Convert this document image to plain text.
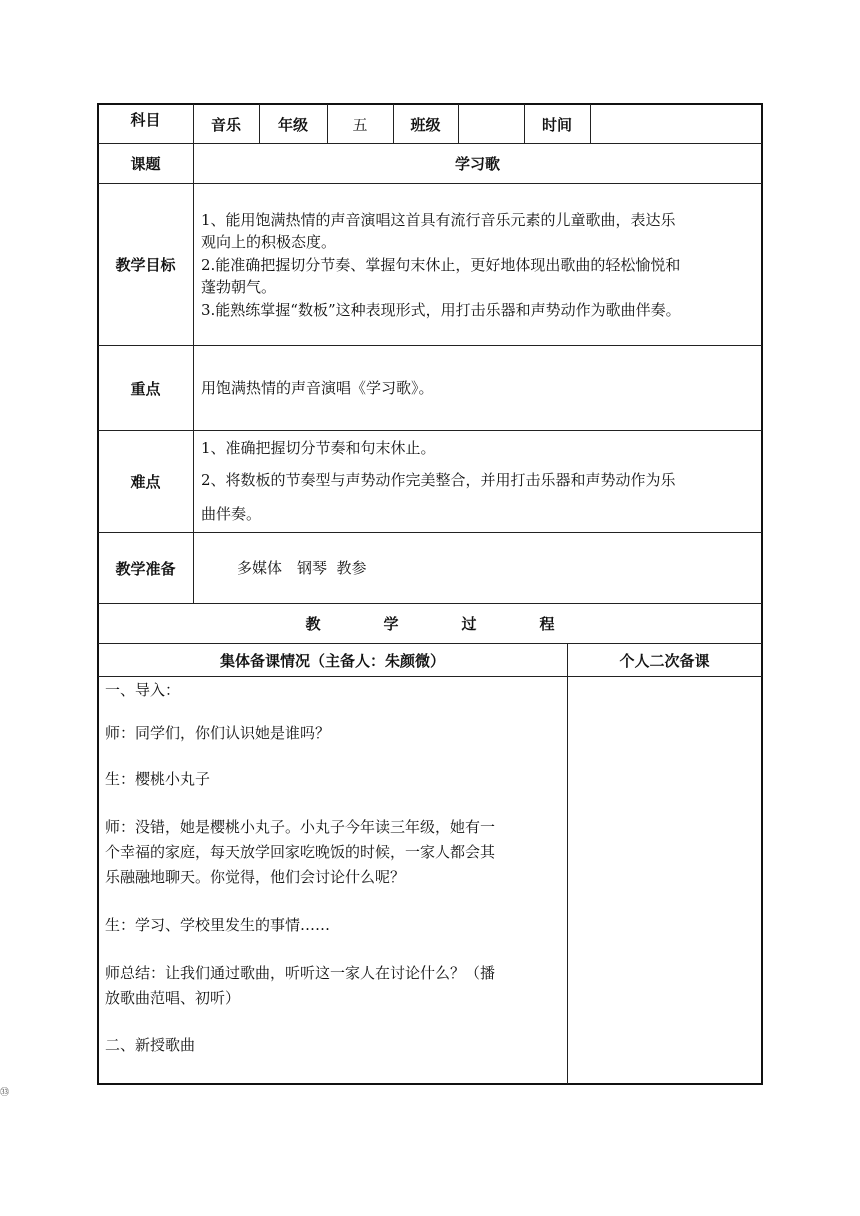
科目	音乐	年级	五	班级	时间
课题	学习歌
教学目标
1、能用饱满热情的声音演唱这首具有流行音乐元素的儿童歌曲，表达乐
观向上的积极态度。
2.能准确把握切分节奏、掌握句末休止，更好地体现出歌曲的轻松愉悦和
蓬勃朝气。
3.能熟练掌握“数板”这种表现形式，用打击乐器和声势动作为歌曲伴奏。
重点	用饱满热情的声音演唱《学习歌》。
难点
1、准确把握切分节奏和句末休止。
2、将数板的节奏型与声势动作完美整合，并用打击乐器和声势动作为乐
曲伴奏。
教学准备	多媒体　钢琴  教参
教	学	过	程
集体备课情况（主备人：朱颜微）	个人二次备课
一、导入：
师：同学们，你们认识她是谁吗？
生：樱桃小丸子
师：没错，她是樱桃小丸子。小丸子今年读三年级，她有一
个幸福的家庭，每天放学回家吃晚饭的时候，一家人都会其
乐融融地聊天。你觉得，他们会讨论什么呢？
生：学习、学校里发生的事情……
师总结：让我们通过歌曲，听听这一家人在讨论什么？（播
放歌曲范唱、初听）
二、新授歌曲
㉝
